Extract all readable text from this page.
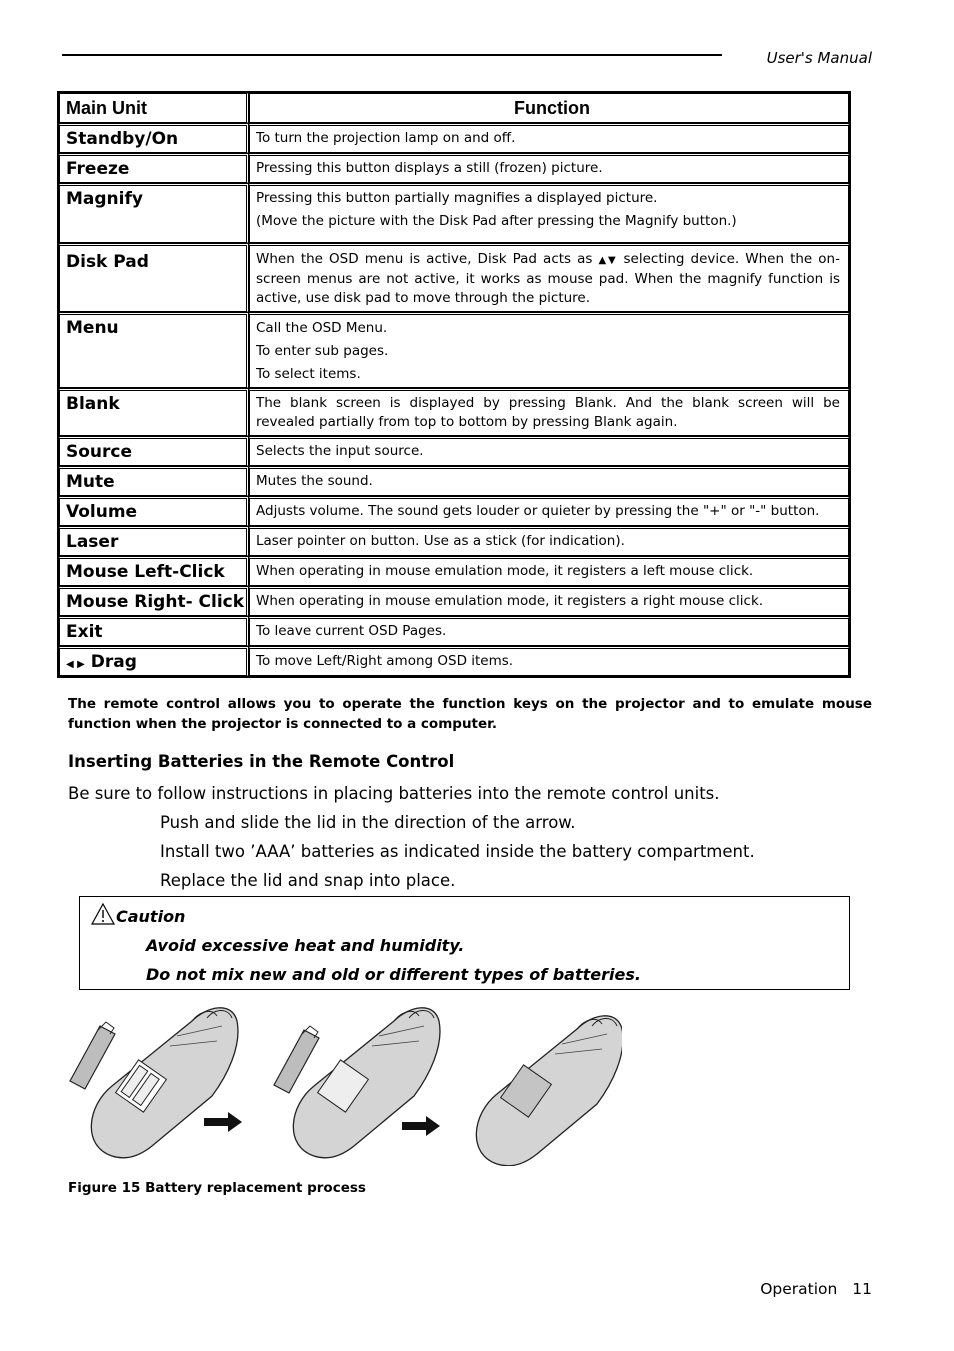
User's Manual
Main Unit	Function
Standby/On	To turn the projection lamp on and off.

Freeze	Pressing this button displays a still (frozen) picture.

Magnify	Pressing this button partially magnifies a displayed picture.

(Move the picture with the Disk Pad after pressing the Magnify button.)

Disk Pad	When the OSD menu is active, Disk Pad acts as ▲▼ selecting device. When the on-screen menus are not active, it works as mouse pad. When the magnify function is active, use disk pad to move through the picture.
Menu	Call the OSD Menu.

To enter sub pages.

To select items.

Blank	The blank screen is displayed by pressing Blank. And the blank screen will be revealed partially from top to bottom by pressing Blank again.

Source	Selects the input source.

Mute	Mutes the sound.

Volume	Adjusts volume. The sound gets louder or quieter by pressing the "+" or "-" button.

Laser	Laser pointer on button. Use as a stick (for indication).

Mouse Left-Click	When operating in mouse emulation mode, it registers a left mouse click.

Mouse Right- Click	When operating in mouse emulation mode, it registers a right mouse click.

Exit	To leave current OSD Pages.

◀ ▶ Drag	To move Left/Right among OSD items.

The remote control allows you to operate the function keys on the projector and to emulate mouse function when the projector is connected to a computer.
Inserting Batteries in the Remote Control
Be sure to follow instructions in placing batteries into the remote control units.
Push and slide the lid in the direction of the arrow.
Install two ’AAA’ batteries as indicated inside the battery compartment.
Replace the lid and snap into place.
Caution
Avoid excessive heat and humidity.
Do not mix new and old or different types of batteries.
Figure 15 Battery replacement process
Operation 11
